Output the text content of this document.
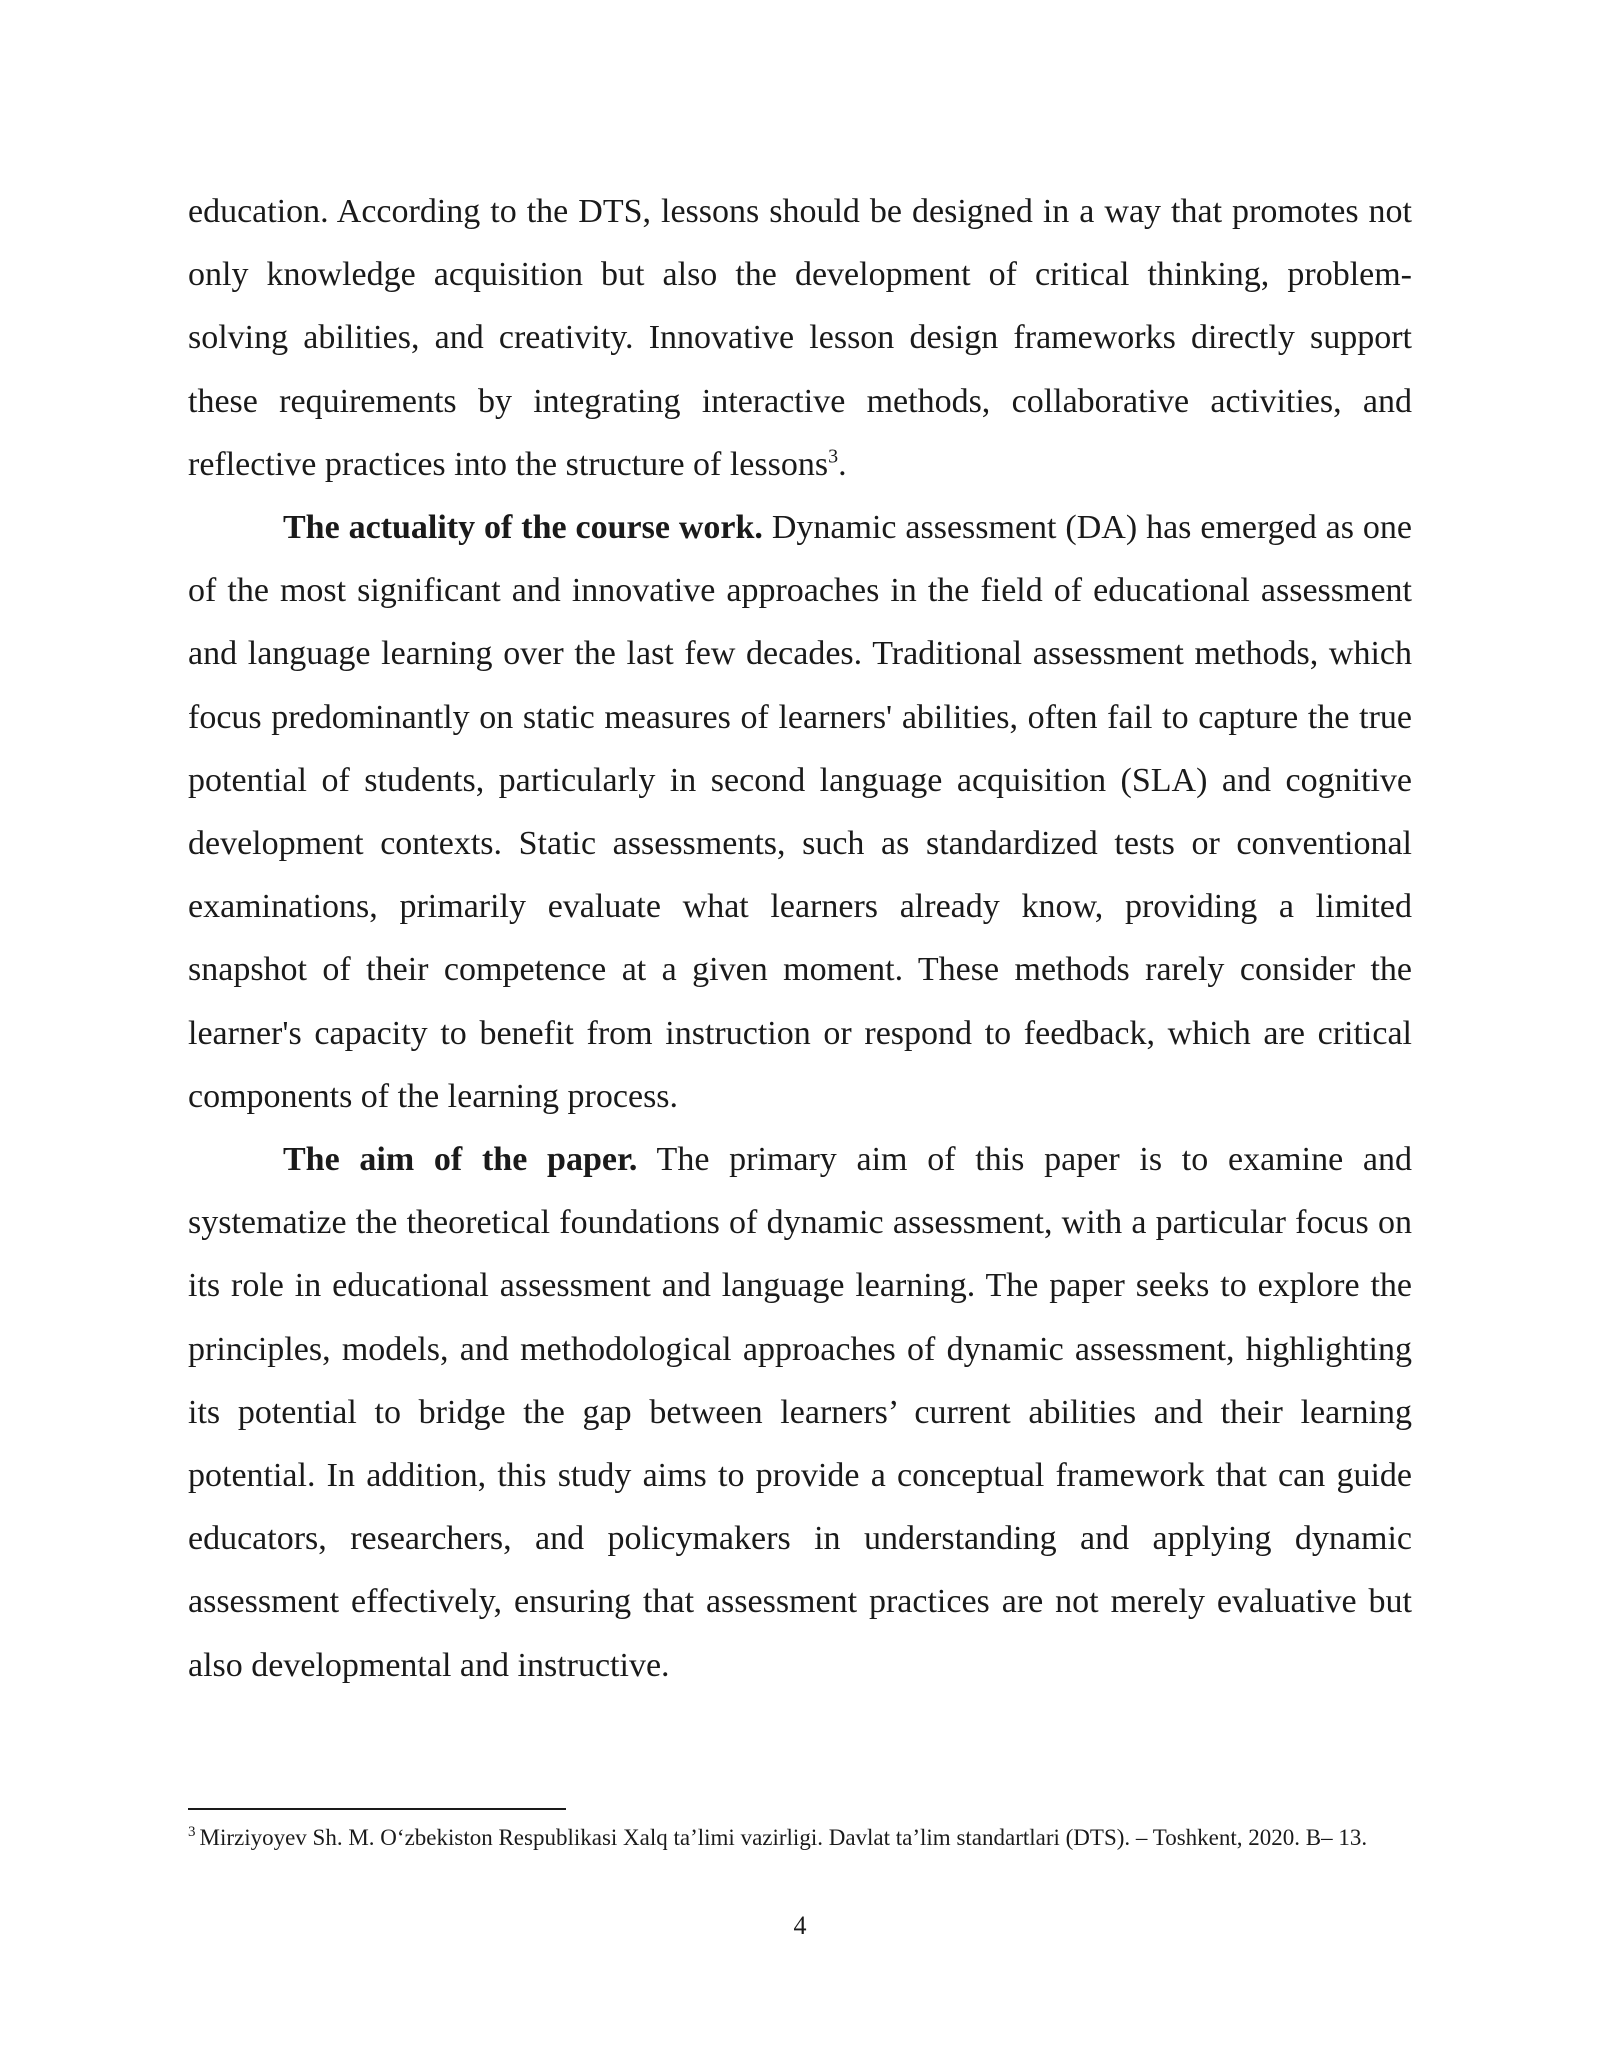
education. According to the DTS, lessons should be designed in a way that promotes not only knowledge acquisition but also the development of critical thinking, problem-solving abilities, and creativity. Innovative lesson design frameworks directly support these requirements by integrating interactive methods, collaborative activities, and reflective practices into the structure of lessons$^3$.

The actuality of the course work. Dynamic assessment (DA) has emerged as one of the most significant and innovative approaches in the field of educational assessment and language learning over the last few decades. Traditional assessment methods, which focus predominantly on static measures of learners' abilities, often fail to capture the true potential of students, particularly in second language acquisition (SLA) and cognitive development contexts. Static assessments, such as standardized tests or conventional examinations, primarily evaluate what learners already know, providing a limited snapshot of their competence at a given moment. These methods rarely consider the learner's capacity to benefit from instruction or respond to feedback, which are critical components of the learning process.

The aim of the paper. The primary aim of this paper is to examine and systematize the theoretical foundations of dynamic assessment, with a particular focus on its role in educational assessment and language learning. The paper seeks to explore the principles, models, and methodological approaches of dynamic assessment, highlighting its potential to bridge the gap between learners’ current abilities and their learning potential. In addition, this study aims to provide a conceptual framework that can guide educators, researchers, and policymakers in understanding and applying dynamic assessment effectively, ensuring that assessment practices are not merely evaluative but also developmental and instructive.

$^3$ Mirziyoyev Sh. M. O‘zbekiston Respublikasi Xalq ta’limi vazirligi. Davlat ta’lim standartlari (DTS). – Toshkent, 2020. B– 13.

4
